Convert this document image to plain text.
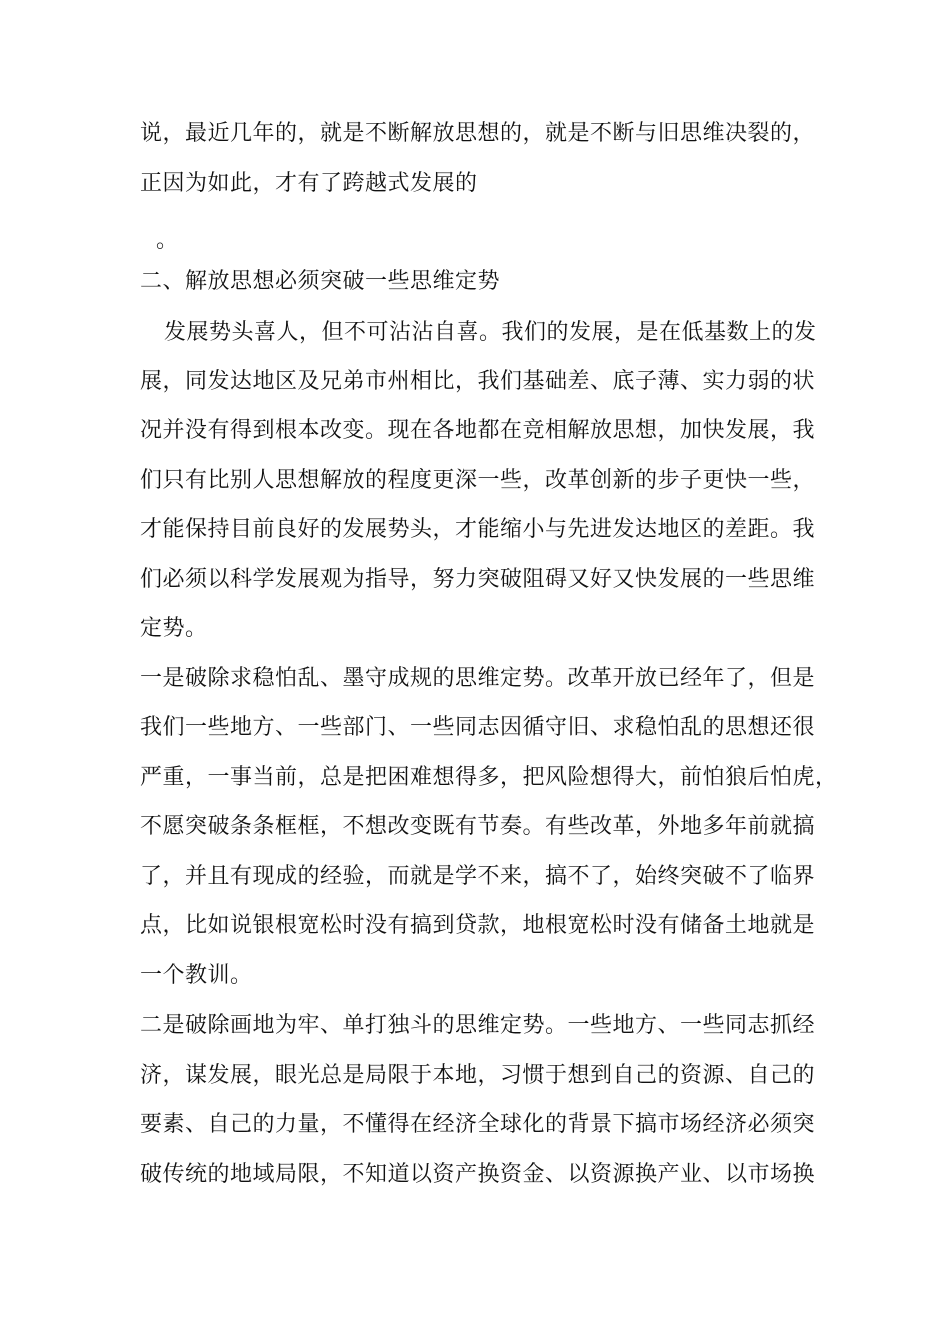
说，最近几年的，就是不断解放思想的，就是不断与旧思维决裂的，
正因为如此，才有了跨越式发展的
。
二、解放思想必须突破一些思维定势
发展势头喜人，但不可沾沾自喜。我们的发展，是在低基数上的发
展，同发达地区及兄弟市州相比，我们基础差、底子薄、实力弱的状
况并没有得到根本改变。现在各地都在竞相解放思想，加快发展，我
们只有比别人思想解放的程度更深一些，改革创新的步子更快一些，
才能保持目前良好的发展势头，才能缩小与先进发达地区的差距。我
们必须以科学发展观为指导，努力突破阻碍又好又快发展的一些思维
定势。
一是破除求稳怕乱、墨守成规的思维定势。改革开放已经年了，但是
我们一些地方、一些部门、一些同志因循守旧、求稳怕乱的思想还很
严重，一事当前，总是把困难想得多，把风险想得大，前怕狼后怕虎，
不愿突破条条框框，不想改变既有节奏。有些改革，外地多年前就搞
了，并且有现成的经验，而就是学不来，搞不了，始终突破不了临界
点，比如说银根宽松时没有搞到贷款，地根宽松时没有储备土地就是
一个教训。
二是破除画地为牢、单打独斗的思维定势。一些地方、一些同志抓经
济，谋发展，眼光总是局限于本地，习惯于想到自己的资源、自己的
要素、自己的力量，不懂得在经济全球化的背景下搞市场经济必须突
破传统的地域局限，不知道以资产换资金、以资源换产业、以市场换
